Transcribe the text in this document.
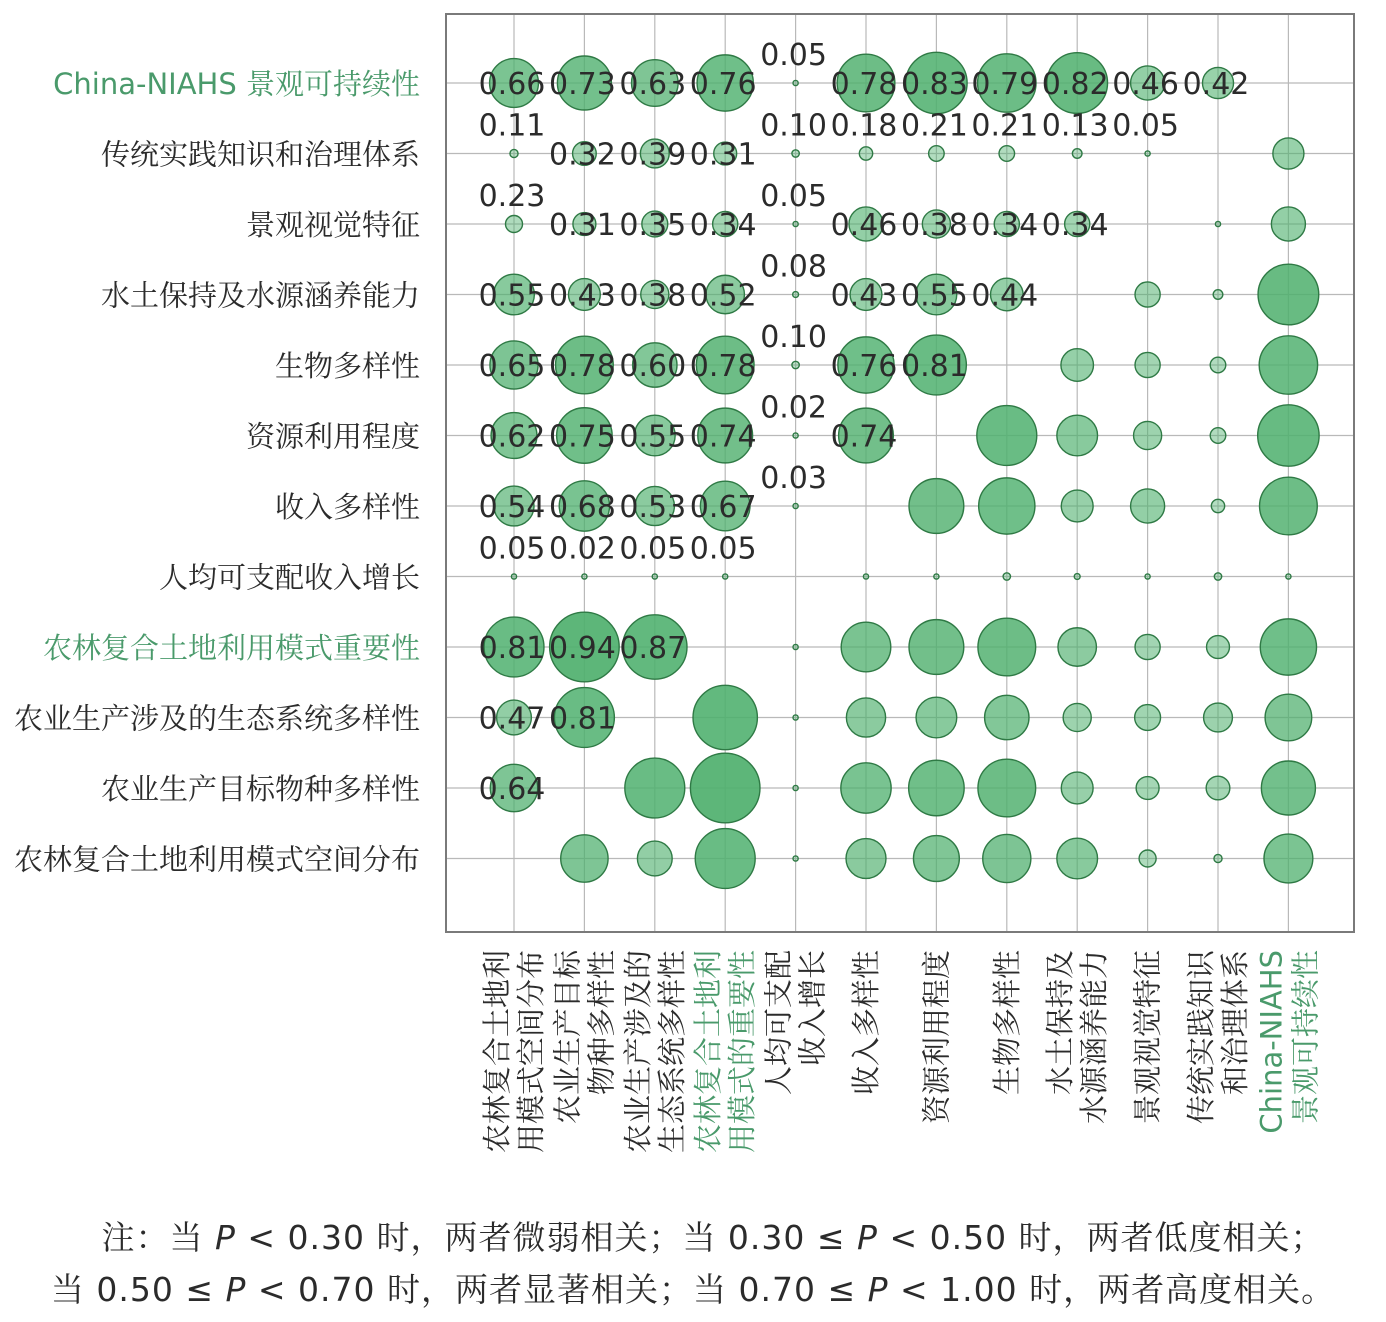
0.66 0.73 0.63 0.76
0.05
0.78 0.83 0.79 0.82 0.46 0.42
0.11
0.32 0.39 0.31
0.10 0.18 0.21 0.21 0.13 0.05
0.23
0.31 0.35 0.34
0.05
0.46 0.38 0.34 0.34
0.55 0.43 0.38 0.52
0.08
0.43 0.55 0.44
0.65 0.78 0.60 0.78
0.10
0.76 0.81
0.62 0.75 0.55 0.74
0.02
0.74
0.54 0.68 0.53 0.67
0.03
0.05 0.02 0.05 0.05
0.81 0.94 0.87
0.47 0.81
0.64
China-NIAHS 景观可持续性
传统实践知识和治理体系
景观视觉特征
水土保持及水源涵养能力
生物多样性
资源利用程度
收入多样性
人均可支配收入增长
农林复合土地利用模式重要性
农业生产涉及的生态系统多样性
农业生产目标物种多样性
农林复合土地利用模式空间分布
农林复合土地利 用模式空间分布 农业生产目标 物种多样性 农业生产涉及的 生态系统多样性 农林复合土地利 用模式的重要性 人均可支配 收入增长 收入多样性 资源利用程度 生物多样性 水土保持及 水源涵养能力 景观视觉特征 传统实践知识 和治理体系 China-NIAHS 景观可持续性
注：当 P < 0.30 时，两者微弱相关；当 0.30 ≤ P < 0.50 时，两者低度相关；
当 0.50 ≤ P < 0.70 时，两者显著相关；当 0.70 ≤ P < 1.00 时，两者高度相关。
